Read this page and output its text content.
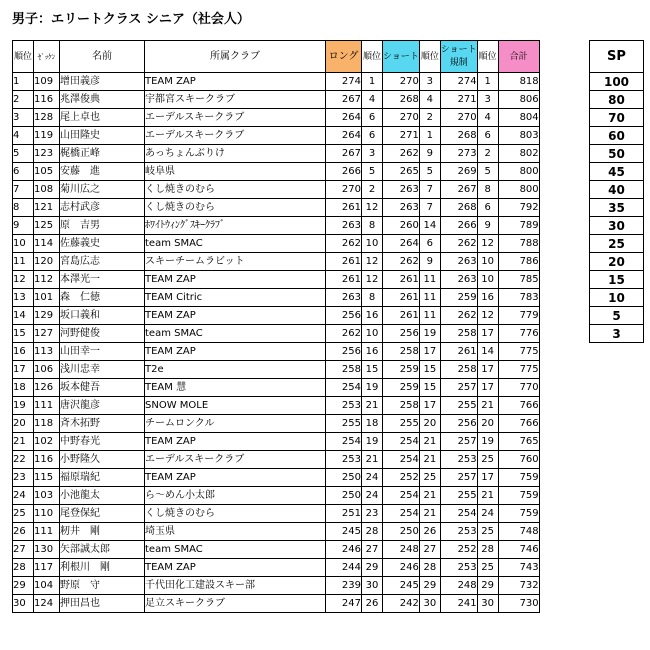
男子：エリートクラス シニア（社会人）
順位	ｾﾞｯｹﾝ	名前	所属クラブ	ロング	順位	ショート	順位	ショート
規制	順位	合計
1	109	增田義彦	TEAM ZAP	274	1	270	3	274	1	818
2	116	兆澤俊典	宇都宮スキークラブ	267	4	268	4	271	3	806
3	128	尾上卓也	エーデルスキークラブ	264	6	270	2	270	4	804
4	119	山田隆史	エーデルスキークラブ	264	6	271	1	268	6	803
5	123	梶橋正峰	あっちょんぶりけ	267	3	262	9	273	2	802
6	105	安藤　進	岐阜県	266	5	265	5	269	5	800
7	108	菊川広之	くし焼きのむら	270	2	263	7	267	8	800
8	121	志村武彦	くし焼きのむら	261	12	263	7	268	6	792
9	125	原　吉男	ﾎﾜｲﾄｳｨﾝｸﾞｽｷｰｸﾗﾌﾞ	263	8	260	14	266	9	789
10	114	佐藤義史	team SMAC	262	10	264	6	262	12	788
11	120	宮島広志	スキーチームラビット	261	12	262	9	263	10	786
12	112	本澤光一	TEAM ZAP	261	12	261	11	263	10	785
13	101	森　仁徳	TEAM Citric	263	8	261	11	259	16	783
14	129	坂口義和	TEAM ZAP	256	16	261	11	262	12	779
15	127	河野健俊	team SMAC	262	10	256	19	258	17	776
16	113	山田幸一	TEAM ZAP	256	16	258	17	261	14	775
17	106	浅川忠幸	T2e	258	15	259	15	258	17	775
18	126	坂本健吾	TEAM 慧	254	19	259	15	257	17	770
19	111	唐沢龍彦	SNOW MOLE	253	21	258	17	255	21	766
20	118	斉木拓野	チームロンクル	255	18	255	20	256	20	766
21	102	中野春光	TEAM ZAP	254	19	254	21	257	19	765
22	116	小野隆久	エーデルスキークラブ	253	21	254	21	253	25	760
23	115	福原瑞紀	TEAM ZAP	250	24	252	25	257	17	759
24	103	小池龍太	ら～めん小太郎	250	24	254	21	255	21	759
25	110	尾登保紀	くし焼きのむら	251	23	254	21	254	24	759
26	111	籾井　剛	埼玉県	245	28	250	26	253	25	748
27	130	矢部誠太郎	team SMAC	246	27	248	27	252	28	746
28	117	利根川　剛	TEAM ZAP	244	29	246	28	253	25	743
29	104	野原　守	千代田化工建設スキー部	239	30	245	29	248	29	732
30	124	押田昌也	足立スキークラブ	247	26	242	30	241	30	730
SP
100
80
70
60
50
45
40
35
30
25
20
15
10
5
3
